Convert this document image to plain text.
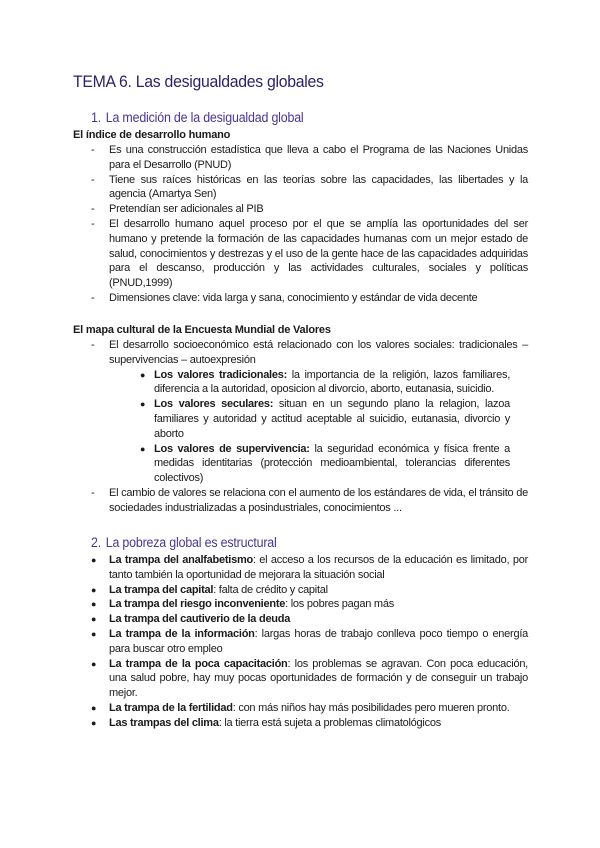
TEMA 6. Las desigualdades globales
1. La medición de la desigualdad global
El índice de desarrollo humano
- Es una construcción estadística que lleva a cabo el Programa de las Naciones Unidas para el Desarrollo (PNUD)
- Tiene sus raíces históricas en las teorías sobre las capacidades, las libertades y la agencia (Amartya Sen)
- Pretendían ser adicionales al PIB
- El desarrollo humano aquel proceso por el que se amplía las oportunidades del ser humano y pretende la formación de las capacidades humanas com un mejor estado de salud, conocimientos y destrezas y el uso de la gente hace de las capacidades adquiridas para el descanso, producción y las actividades culturales, sociales y políticas (PNUD,1999)
- Dimensiones clave: vida larga y sana, conocimiento y estándar de vida decente
El mapa cultural de la Encuesta Mundial de Valores
- El desarrollo socioeconómico está relacionado con los valores sociales: tradicionales – supervivencias – autoexpresión
● Los valores tradicionales: la importancia de la religión, lazos familiares, diferencia a la autoridad, oposicion al divorcio, aborto, eutanasia, suicidio.
● Los valores seculares: situan en un segundo plano la relagion, lazoa familiares y autoridad y actitud aceptable al suicidio, eutanasia, divorcio y aborto
● Los valores de supervivencia: la seguridad económica y física frente a medidas identitarias (protección medioambiental, tolerancias diferentes colectivos)
- El cambio de valores se relaciona con el aumento de los estándares de vida, el tránsito de sociedades industrializadas a posindustriales, conocimientos ...
2. La pobreza global es estructural
● La trampa del analfabetismo: el acceso a los recursos de la educación es limitado, por tanto también la oportunidad de mejorara la situación social
● La trampa del capital: falta de crédito y capital
● La trampa del riesgo inconveniente: los pobres pagan más
● La trampa del cautiverio de la deuda
● La trampa de la información: largas horas de trabajo conlleva poco tiempo o energía para buscar otro empleo
● La trampa de la poca capacitación: los problemas se agravan. Con poca educación, una salud pobre, hay muy pocas oportunidades de formación y de conseguir un trabajo mejor.
● La trampa de la fertilidad: con más niños hay más posibilidades pero mueren pronto.
● Las trampas del clima: la tierra está sujeta a problemas climatológicos
